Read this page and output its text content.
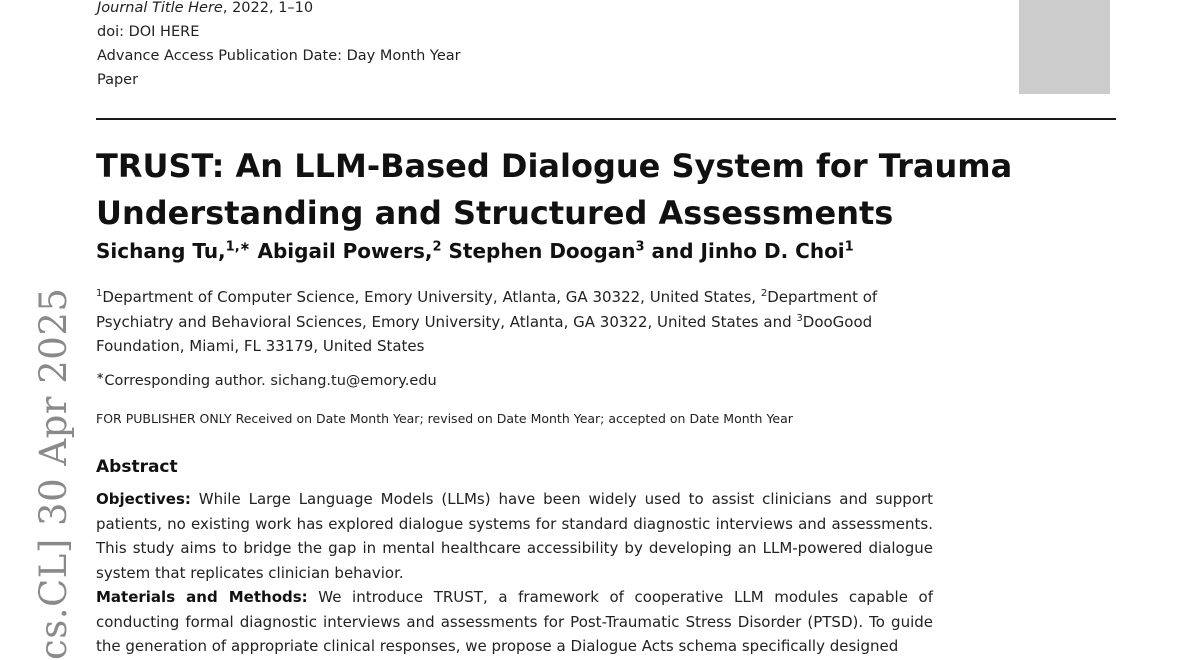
Journal Title Here, 2022, 1–10
doi: DOI HERE
Advance Access Publication Date: Day Month Year
Paper
TRUST: An LLM-Based Dialogue System for Trauma Understanding and Structured Assessments
Sichang Tu,$^{1,∗}$ Abigail Powers,$^2$ Stephen Doogan$^3$ and Jinho D. Choi$^1$
$^1$Department of Computer Science, Emory University, Atlanta, GA 30322, United States, $^2$Department of Psychiatry and Behavioral Sciences, Emory University, Atlanta, GA 30322, United States and $^3$DooGood Foundation, Miami, FL 33179, United States
∗Corresponding author. sichang.tu@emory.edu
FOR PUBLISHER ONLY Received on Date Month Year; revised on Date Month Year; accepted on Date Month Year
Abstract

Objectives: While Large Language Models (LLMs) have been widely used to assist clinicians and support patients, no existing work has explored dialogue systems for standard diagnostic interviews and assessments. This study aims to bridge the gap in mental healthcare accessibility by developing an LLM-powered dialogue system that replicates clinician behavior.

Materials and Methods: We introduce TRUST, a framework of cooperative LLM modules capable of conducting formal diagnostic interviews and assessments for Post-Traumatic Stress Disorder (PTSD). To guide the generation of appropriate clinical responses, we propose a Dialogue Acts schema specifically designed

cs.CL] 30 Apr 2025
